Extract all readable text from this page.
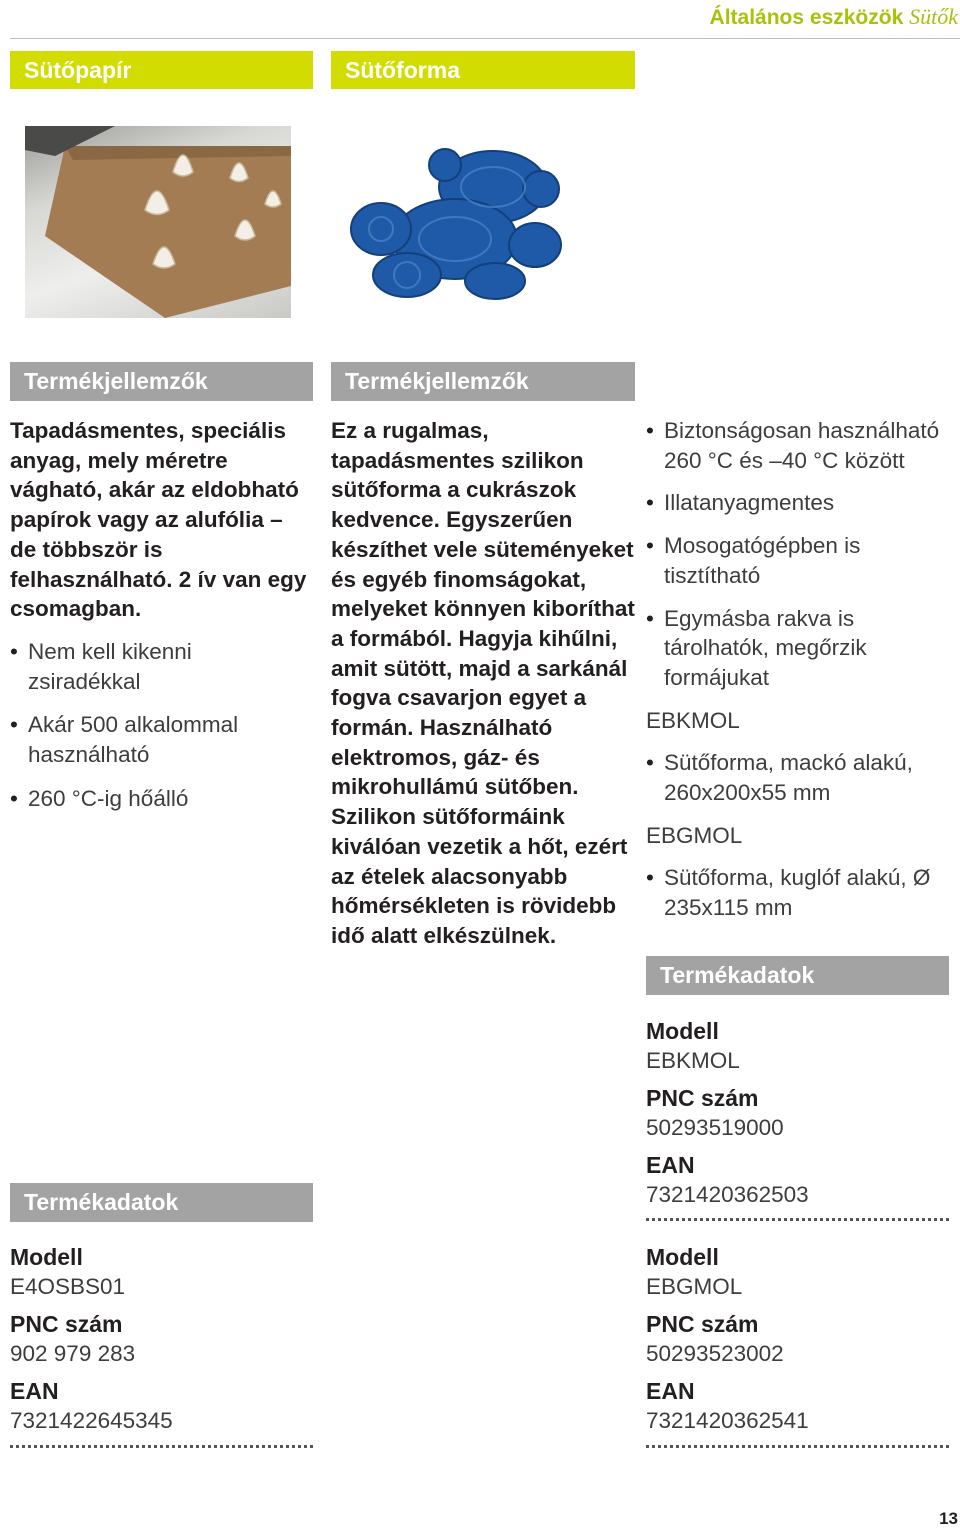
Általános eszközök Sütők
Sütőpapír	Sütőforma
Termékjellemzők	Termékjellemzők

Tapadásmentes, speciális anyag, mely méretre vágható, akár az eldobható papírok vagy az alufólia – de többször is felhasználható. 2 ív van egy csomagban.

• Nem kell kikenni zsiradékkal
• Akár 500 alkalommal használható
• 260 °C-ig hőálló
Termékadatok
Modell
E4OSBS01
PNC szám
902 979 283
EAN
7321422645345

Ez a rugalmas, tapadásmentes szilikon sütőforma a cukrászok kedvence. Egyszerűen készíthet vele süteményeket és egyéb finomságokat, melyeket könnyen kiboríthat a formából. Hagyja kihűlni, amit sütött, majd a sarkánál fogva csavarjon egyet a formán. Használható elektromos, gáz- és mikrohullámú sütőben. Szilikon sütőformáink kiválóan vezetik a hőt, ezért az ételek alacsonyabb hőmérsékleten is rövidebb idő alatt elkészülnek.

• Biztonságosan használható 260 °C és –40 °C között
• Illatanyagmentes
• Mosogatógépben is tisztítható
• Egymásba rakva is tárolhatók, megőrzik formájukat
EBKMOL
• Sütőforma, mackó alakú, 260x200x55 mm
EBGMOL
• Sütőforma, kuglóf alakú, Ø 235x115 mm
Termékadatok
Modell
EBKMOL
PNC szám
50293519000
EAN
7321420362503
Modell
EBGMOL
PNC szám
50293523002
EAN
7321420362541
13
